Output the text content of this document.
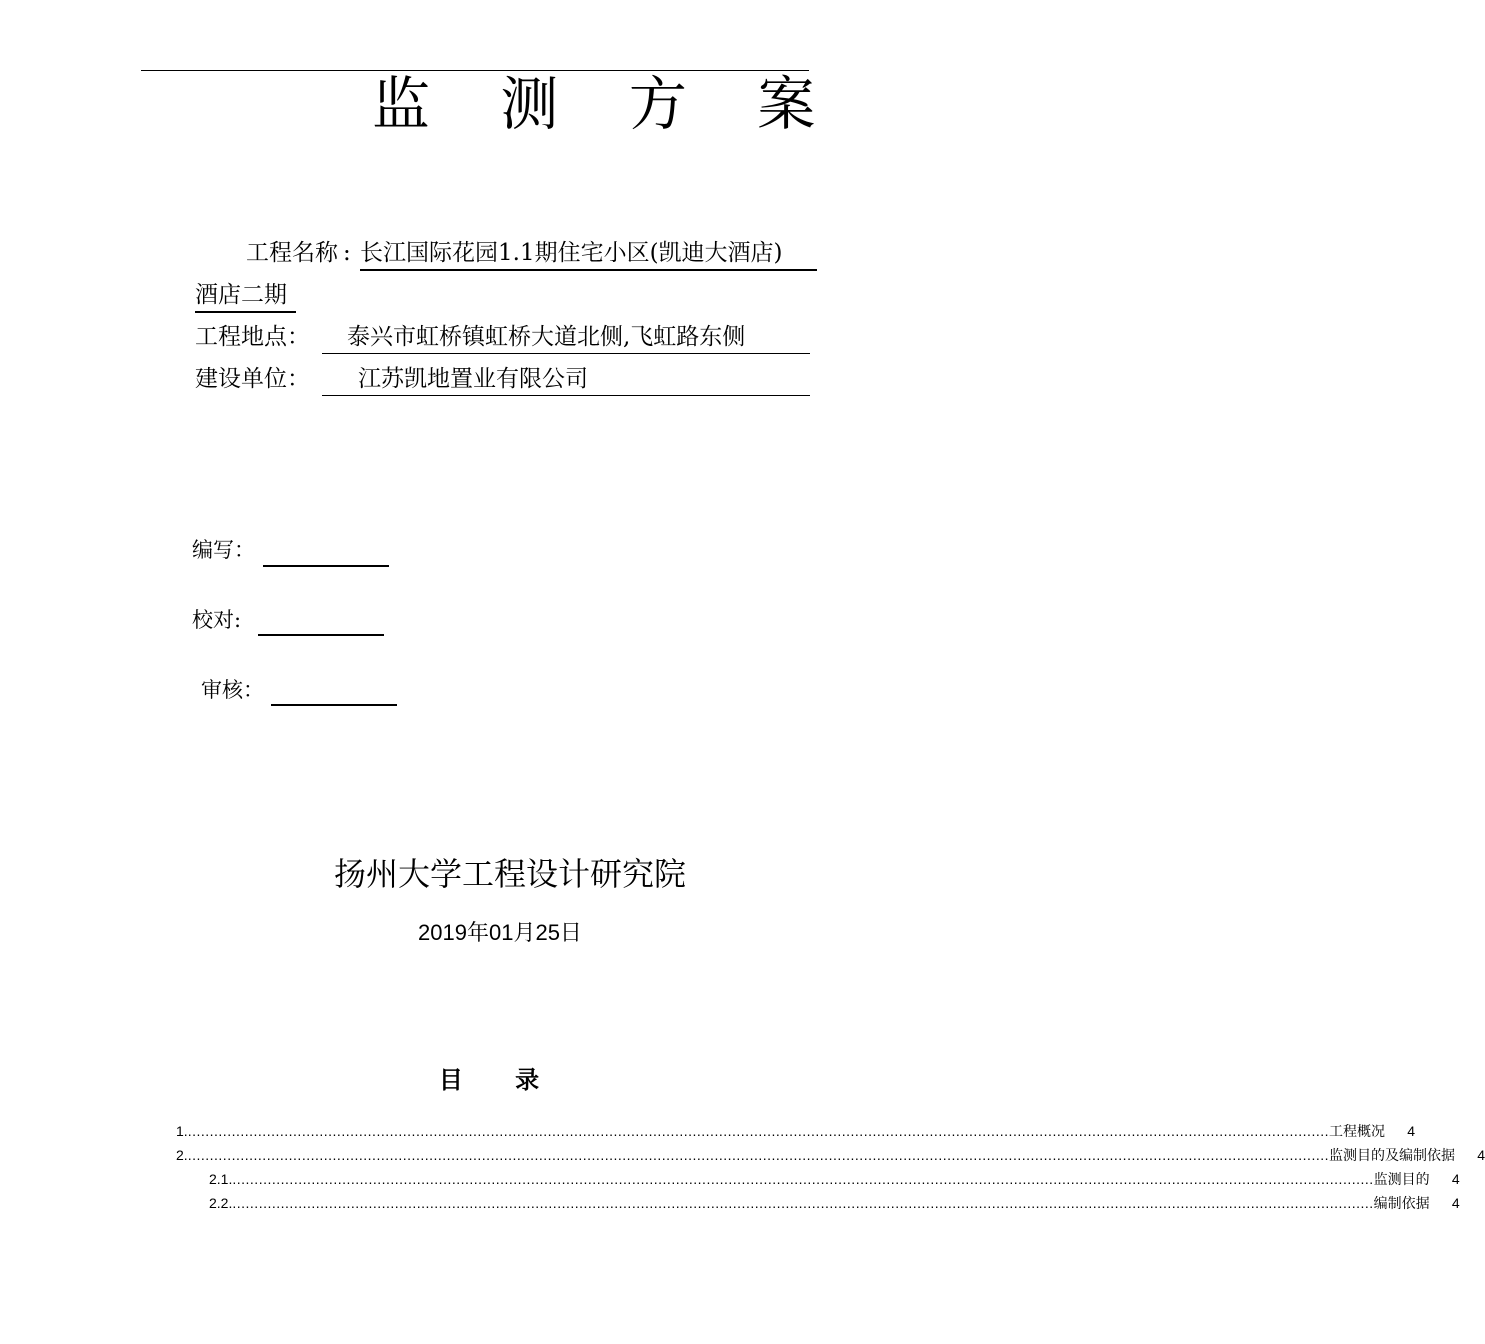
监 测 方 案
工程名称 : 长江国际花园1.1期住宅小区(凯迪大酒店)
酒店二期
工程地点： 泰兴市虹桥镇虹桥大道北侧,飞虹路东侧
建设单位： 江苏凯地置业有限公司
编写：
校对:
审核：
扬州大学工程设计研究院
2019年01月25日
目 录
1. .................................................................................................................................................................................................................................................................... 工程概况	4
2. .................................................................................................................................................................................................................................................................... 监测目的及编制依据	4
2.1. .................................................................................................................................................................................................................................................................... 监测目的	4
2.2. .................................................................................................................................................................................................................................................................... 编制依据	4
